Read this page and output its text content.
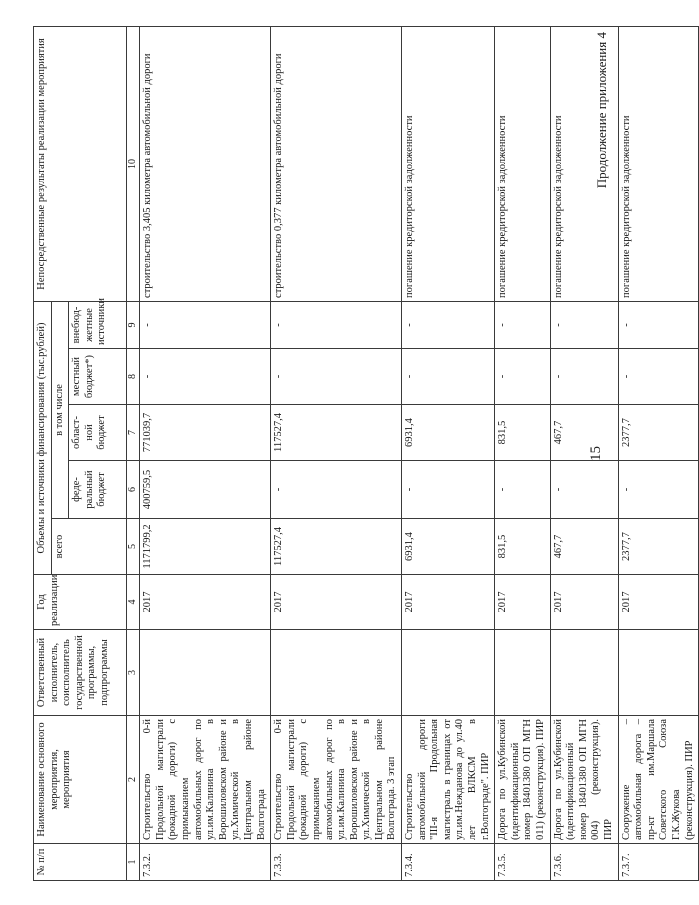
15
Продолжение приложения 4
№ п/п	Наименование основного мероприятия, мероприятия	Ответственный исполнитель, соисполнитель государственной программы, подпрограммы	Год реализации	Объемы и источники финансирования (тыс.рублей)					Непосредственные результаты реализации мероприятия
				всего	в том числе				
					феде-ральный бюджет	област-ной бюджет	местный бюджет*)	внебюд-жетные источники	
1	2	3	4	5	6	7	8	9	10
7.3.2.	Строительство 0-й Продольной магистрали (рокадной дороги) с примыканием автомобильных дорог по ул.им.Калинина в Ворошиловском районе и ул.Химической в Центральном районе Волгограда		2017	1171799,2	400759,5	771039,7	-	-	строительство 3,405 километра автомобильной дороги
7.3.3.	Строительство 0-й Продольной магистрали (рокадной дороги) с примыканием автомобильных дорог по ул.им.Калинина в Ворошиловском районе и ул.Химической в Центральном районе Волгограда. 3 этап		2017	117527,4	-	117527,4	-	-	строительство 0,377 километра автомобильной дороги
7.3.4.	Строительство автомобильной дороги "III-я Продольная магистраль в границах от ул.им.Нежданова до ул.40 лет ВЛКСМ в г.Волгограде". ПИР		2017	6931,4	-	6931,4	-	-	погашение кредиторской задолженности
7.3.5.	Дорога по ул.Кубинской (идентификационный номер 18401380 ОП МГН 011) (реконструкция). ПИР		2017	831,5	-	831,5	-	-	погашение кредиторской задолженности
7.3.6.	Дорога по ул.Кубинской (идентификационный номер 18401380 ОП МГН 004) (реконструкция). ПИР		2017	467,7	-	467,7	-	-	погашение кредиторской задолженности
7.3.7.	Сооружение – автомобильная дорога – пр-кт им.Маршала Советского Союза Г.К.Жукова (реконструкция). ПИР		2017	2377,7	-	2377,7	-	-	погашение кредиторской задолженности
